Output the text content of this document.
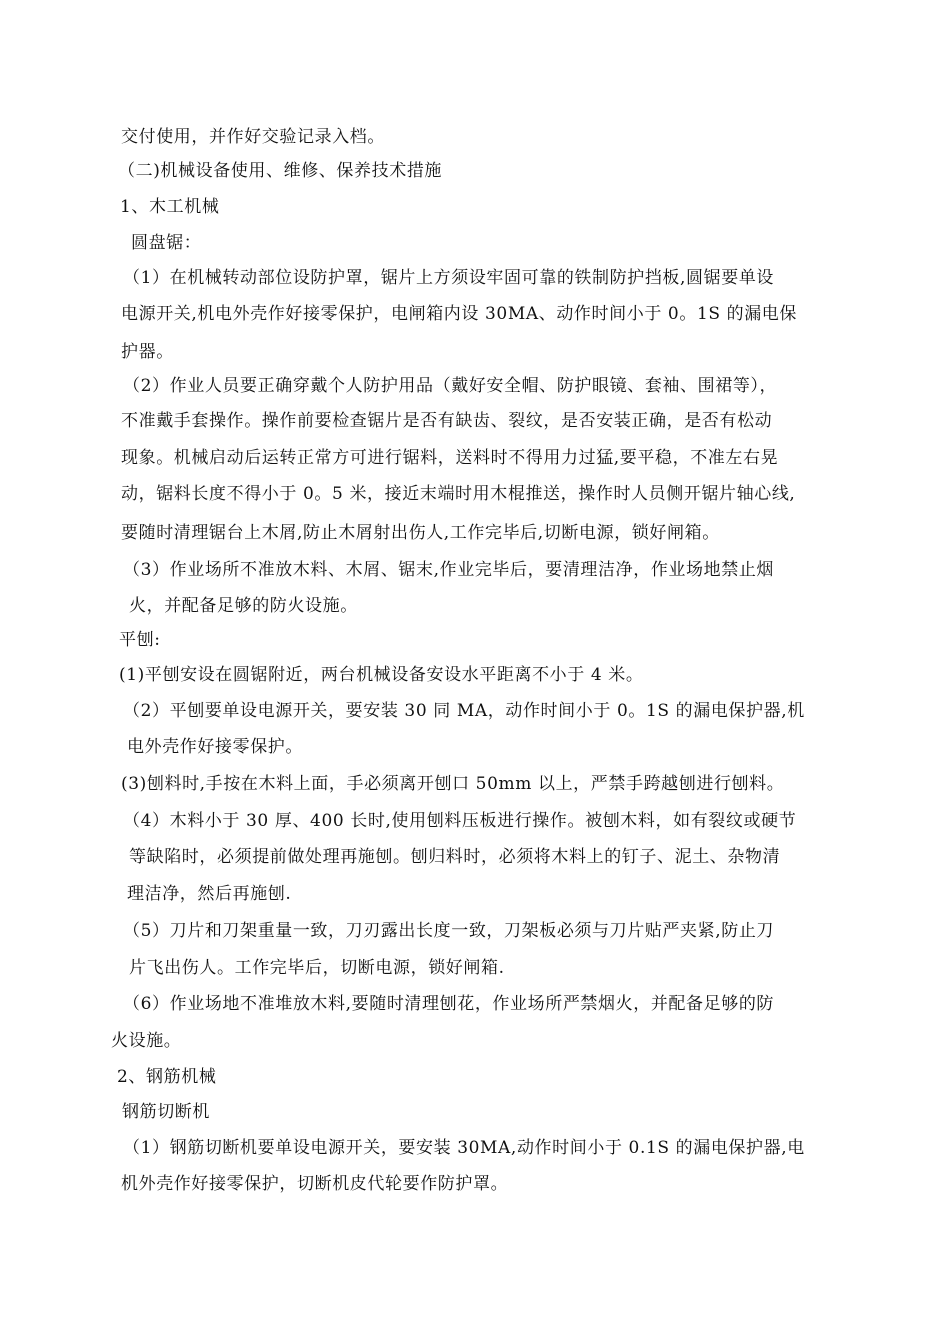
交付使用，并作好交验记录入档。
（二)机械设备使用、维修、保养技术措施
1、木工机械
圆盘锯：
（1）在机械转动部位设防护罩，锯片上方须设牢固可靠的铁制防护挡板,圆锯要单设
电源开关,机电外壳作好接零保护，电闸箱内设 30MA、动作时间小于 0。1S 的漏电保
护器。
（2）作业人员要正确穿戴个人防护用品（戴好安全帽、防护眼镜、套袖、围裙等），
不准戴手套操作。操作前要检查锯片是否有缺齿、裂纹，是否安装正确，是否有松动
现象。机械启动后运转正常方可进行锯料，送料时不得用力过猛,要平稳，不准左右晃
动，锯料长度不得小于 0。5 米，接近末端时用木棍推送，操作时人员侧开锯片轴心线,
要随时清理锯台上木屑,防止木屑射出伤人,工作完毕后,切断电源，锁好闸箱。
（3）作业场所不准放木料、木屑、锯末,作业完毕后，要清理洁净，作业场地禁止烟
火，并配备足够的防火设施。
平刨:
(1)平刨安设在圆锯附近，两台机械设备安设水平距离不小于 4 米。
（2）平刨要单设电源开关，要安装 30 同 MA，动作时间小于 0。1S 的漏电保护器,机
电外壳作好接零保护。
(3)刨料时,手按在木料上面，手必须离开刨口 50mm 以上，严禁手跨越刨进行刨料。
（4）木料小于 30 厚、400 长时,使用刨料压板进行操作。被刨木料，如有裂纹或硬节
等缺陷时，必须提前做处理再施刨。刨归料时，必须将木料上的钉子、泥土、杂物清
理洁净，然后再施刨.
（5）刀片和刀架重量一致，刀刃露出长度一致，刀架板必须与刀片贴严夹紧,防止刀
片飞出伤人。工作完毕后，切断电源，锁好闸箱.
（6）作业场地不准堆放木料,要随时清理刨花，作业场所严禁烟火，并配备足够的防
火设施。
2、钢筋机械
钢筋切断机
（1）钢筋切断机要单设电源开关，要安装 30MA,动作时间小于 0.1S 的漏电保护器,电
机外壳作好接零保护，切断机皮代轮要作防护罩。
